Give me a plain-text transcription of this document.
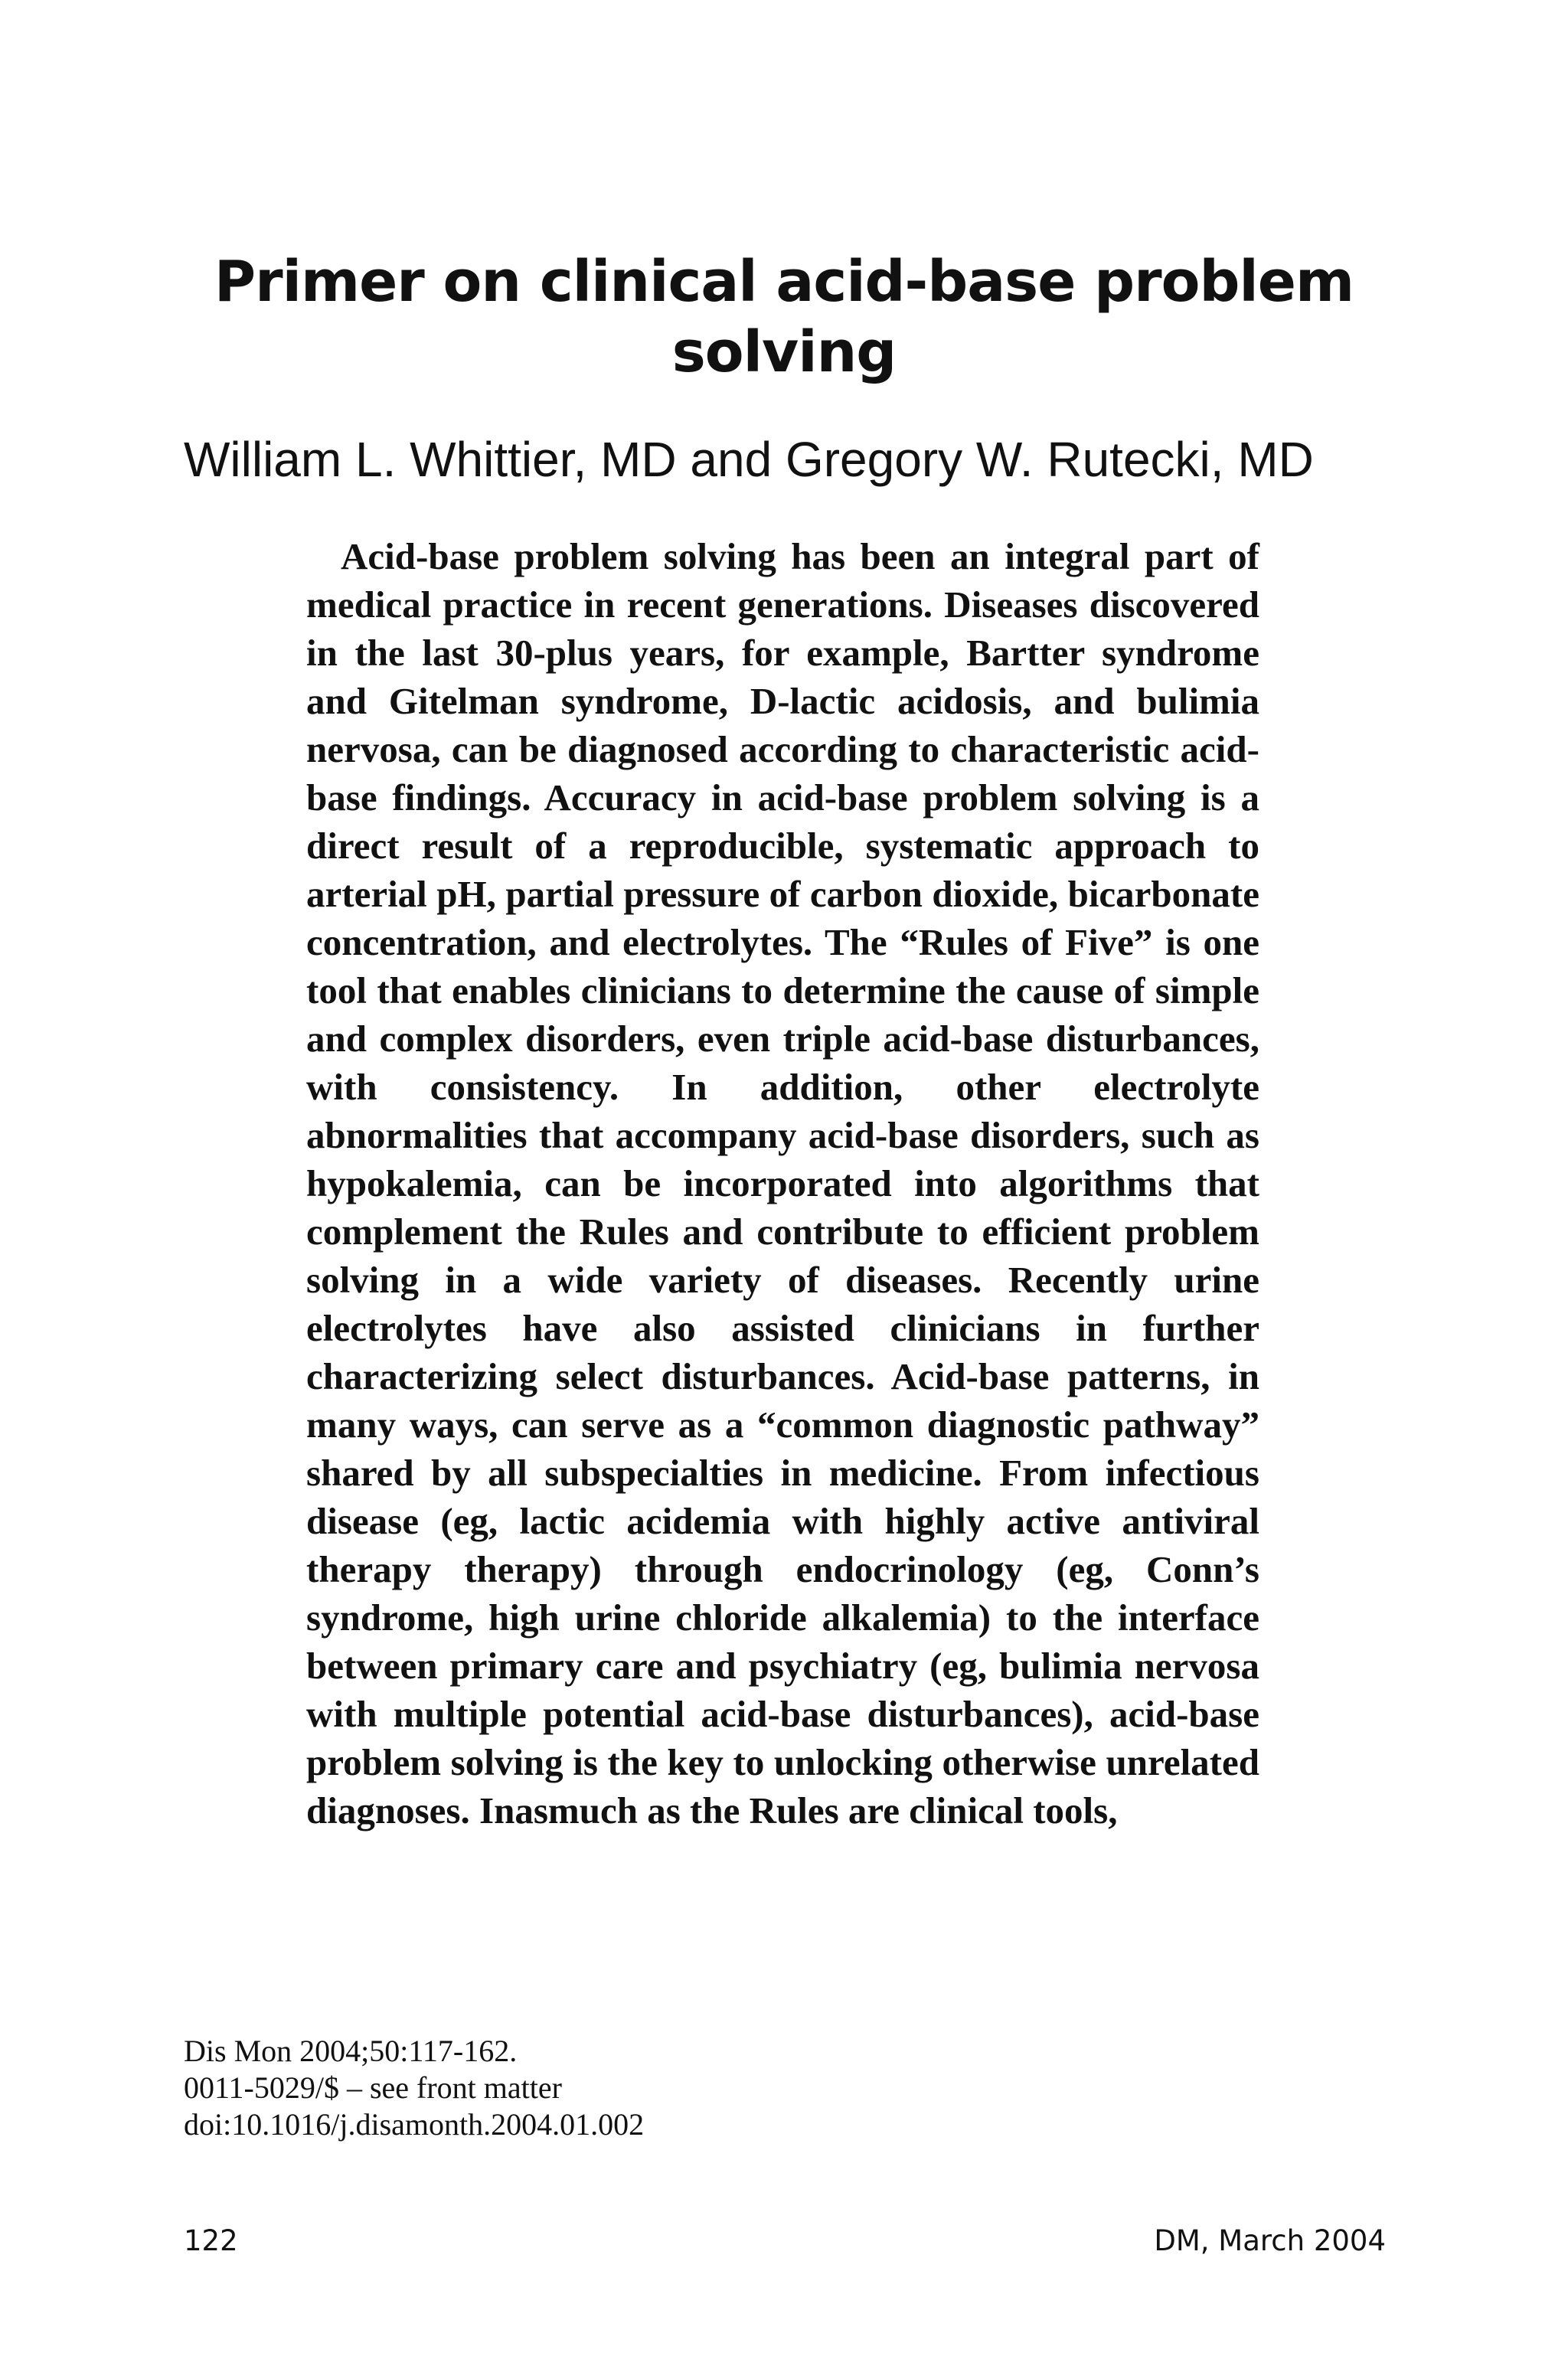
Primer on clinical acid-base problem solving
William L. Whittier, MD and Gregory W. Rutecki, MD

Acid-base problem solving has been an integral part of medical practice in recent generations. Diseases discovered in the last 30-plus years, for example, Bartter syndrome and Gitelman syndrome, D-lactic acidosis, and bulimia nervosa, can be diagnosed according to characteristic acid-base findings. Accuracy in acid-base problem solving is a direct result of a reproducible, systematic approach to arterial pH, partial pressure of carbon dioxide, bicarbonate concentration, and electrolytes. The “Rules of Five” is one tool that enables clinicians to determine the cause of simple and complex disorders, even triple acid-base disturbances, with consistency. In addition, other electrolyte abnormalities that accompany acid-base disorders, such as hypokalemia, can be incorporated into algorithms that complement the Rules and contribute to efficient problem solving in a wide variety of diseases. Recently urine electrolytes have also assisted clinicians in further characterizing select disturbances. Acid-base patterns, in many ways, can serve as a “common diagnostic pathway” shared by all subspecialties in medicine. From infectious disease (eg, lactic acidemia with highly active antiviral therapy therapy) through endocrinology (eg, Conn’s syndrome, high urine chloride alkalemia) to the interface between primary care and psychiatry (eg, bulimia nervosa with multiple potential acid-base disturbances), acid-base problem solving is the key to unlocking otherwise unrelated diagnoses. Inasmuch as the Rules are clinical tools,

Dis Mon 2004;50:117-162.
0011-5029/$ – see front matter
doi:10.1016/j.disamonth.2004.01.002
122	DM, March 2004
